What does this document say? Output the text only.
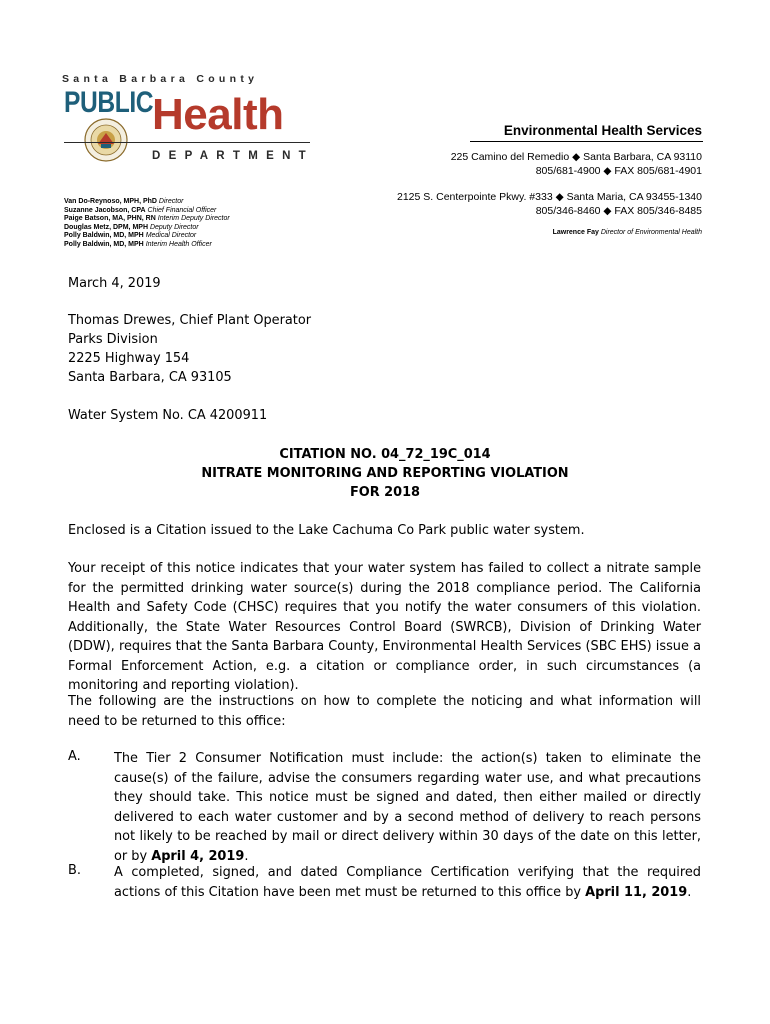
Santa Barbara County
PUBLIC
Health
DEPARTMENT
Environmental Health Services
225 Camino del Remedio ◆ Santa Barbara, CA 93110
805/681-4900 ◆ FAX 805/681-4901
2125 S. Centerpointe Pkwy. #333 ◆ Santa Maria, CA 93455-1340
805/346-8460 ◆ FAX 805/346-8485
Lawrence Fay Director of Environmental Health
Van Do-Reynoso, MPH, PhD Director
Suzanne Jacobson, CPA Chief Financial Officer
Paige Batson, MA, PHN, RN Interim Deputy Director
Douglas Metz, DPM, MPH Deputy Director
Polly Baldwin, MD, MPH Medical Director
Polly Baldwin, MD, MPH Interim Health Officer
March 4, 2019
Thomas Drewes, Chief Plant Operator
Parks Division
2225 Highway 154
Santa Barbara, CA 93105
Water System No. CA 4200911
CITATION NO. 04_72_19C_014
NITRATE MONITORING AND REPORTING VIOLATION
FOR 2018
Enclosed is a Citation issued to the Lake Cachuma Co Park public water system.
Your receipt of this notice indicates that your water system has failed to collect a nitrate sample for the permitted drinking water source(s) during the 2018 compliance period. The California Health and Safety Code (CHSC) requires that you notify the water consumers of this violation. Additionally, the State Water Resources Control Board (SWRCB), Division of Drinking Water (DDW), requires that the Santa Barbara County, Environmental Health Services (SBC EHS) issue a Formal Enforcement Action, e.g. a citation or compliance order, in such circumstances (a monitoring and reporting violation).
The following are the instructions on how to complete the noticing and what information will need to be returned to this office:
A.	The Tier 2 Consumer Notification must include: the action(s) taken to eliminate the cause(s) of the failure, advise the consumers regarding water use, and what precautions they should take. This notice must be signed and dated, then either mailed or directly delivered to each water customer and by a second method of delivery to reach persons not likely to be reached by mail or direct delivery within 30 days of the date on this letter, or by April 4, 2019.
B.	A completed, signed, and dated Compliance Certification verifying that the required actions of this Citation have been met must be returned to this office by April 11, 2019.
